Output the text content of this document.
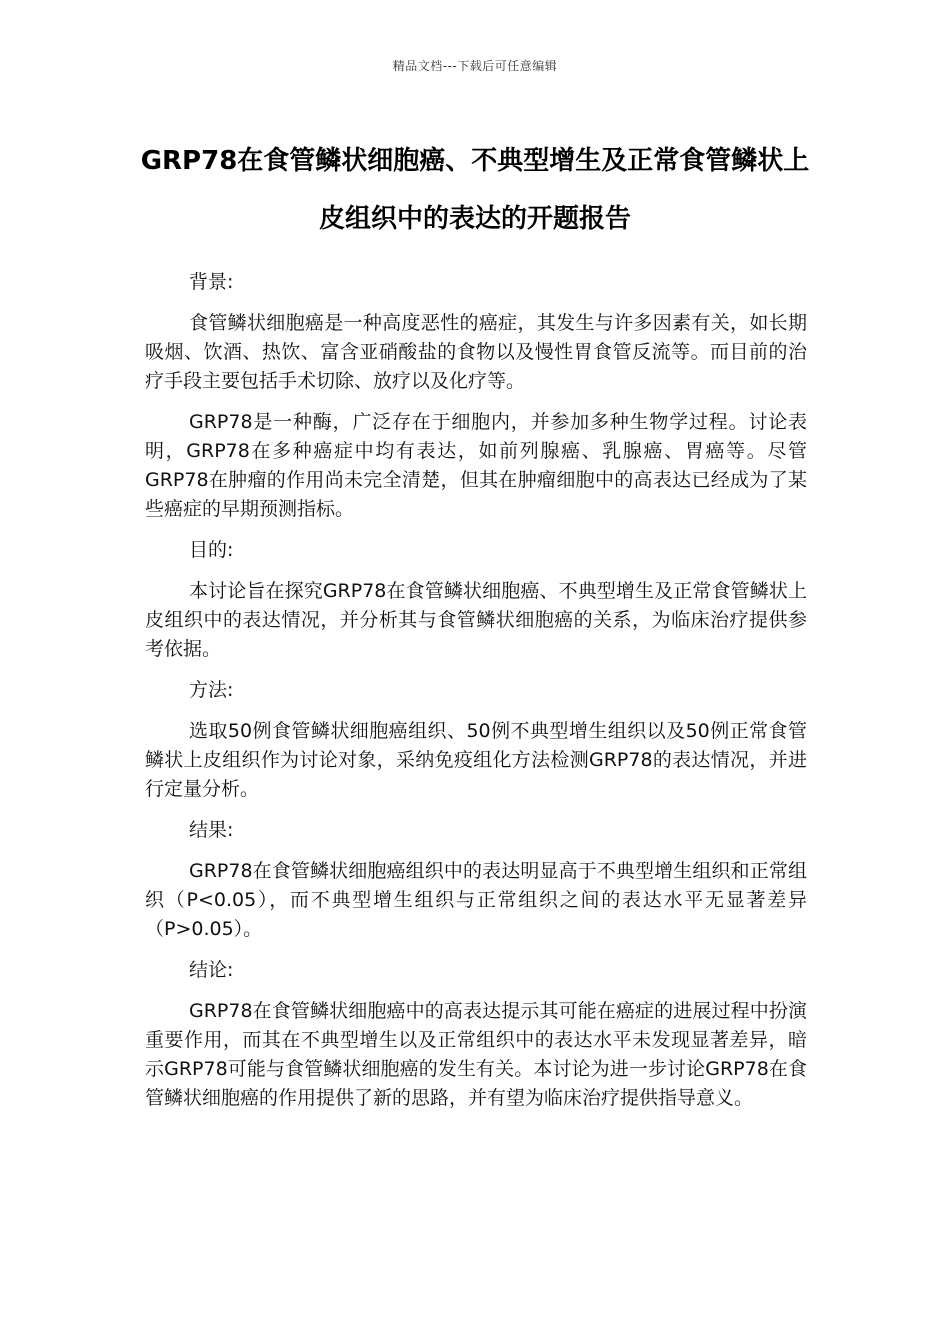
精品文档---下载后可任意编辑
GRP78在食管鳞状细胞癌、不典型增生及正常食管鳞状上皮组织中的表达的开题报告

背景:

食管鳞状细胞癌是一种高度恶性的癌症，其发生与许多因素有关，如长期吸烟、饮酒、热饮、富含亚硝酸盐的食物以及慢性胃食管反流等。而目前的治疗手段主要包括手术切除、放疗以及化疗等。

GRP78是一种酶，广泛存在于细胞内，并参加多种生物学过程。讨论表明，GRP78在多种癌症中均有表达，如前列腺癌、乳腺癌、胃癌等。尽管GRP78在肿瘤的作用尚未完全清楚，但其在肿瘤细胞中的高表达已经成为了某些癌症的早期预测指标。

目的:

本讨论旨在探究GRP78在食管鳞状细胞癌、不典型增生及正常食管鳞状上皮组织中的表达情况，并分析其与食管鳞状细胞癌的关系，为临床治疗提供参考依据。

方法:

选取50例食管鳞状细胞癌组织、50例不典型增生组织以及50例正常食管鳞状上皮组织作为讨论对象，采纳免疫组化方法检测GRP78的表达情况，并进行定量分析。

结果:

GRP78在食管鳞状细胞癌组织中的表达明显高于不典型增生组织和正常组织（P<0.05），而不典型增生组织与正常组织之间的表达水平无显著差异（P>0.05）。

结论:

GRP78在食管鳞状细胞癌中的高表达提示其可能在癌症的进展过程中扮演重要作用，而其在不典型增生以及正常组织中的表达水平未发现显著差异，暗示GRP78可能与食管鳞状细胞癌的发生有关。本讨论为进一步讨论GRP78在食管鳞状细胞癌的作用提供了新的思路，并有望为临床治疗提供指导意义。
